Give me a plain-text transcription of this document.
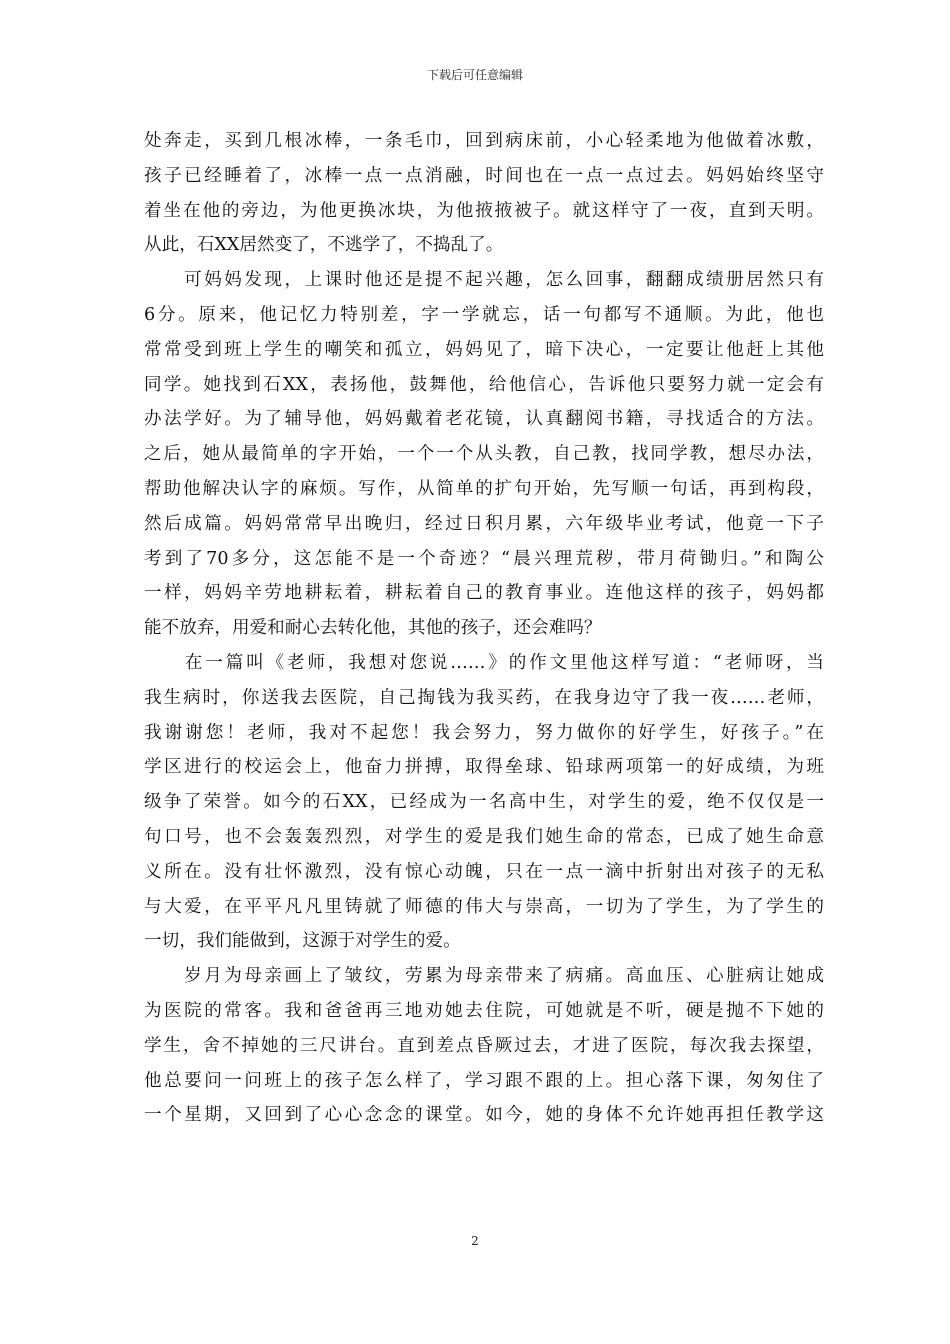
下载后可任意编辑
处奔走，买到几根冰棒，一条毛巾，回到病床前，小心轻柔地为他做着冰敷，
孩子已经睡着了，冰棒一点一点消融，时间也在一点一点过去。妈妈始终坚守
着坐在他的旁边，为他更换冰块，为他掖掖被子。就这样守了一夜，直到天明。
从此，石XX居然变了，不逃学了，不捣乱了。
　　可妈妈发现，上课时他还是提不起兴趣，怎么回事，翻翻成绩册居然只有
6分。原来，他记忆力特别差，字一学就忘，话一句都写不通顺。为此，他也
常常受到班上学生的嘲笑和孤立，妈妈见了，暗下决心，一定要让他赶上其他
同学。她找到石XX，表扬他，鼓舞他，给他信心，告诉他只要努力就一定会有
办法学好。为了辅导他，妈妈戴着老花镜，认真翻阅书籍，寻找适合的方法。
之后，她从最简单的字开始，一个一个从头教，自己教，找同学教，想尽办法，
帮助他解决认字的麻烦。写作，从简单的扩句开始，先写顺一句话，再到构段，
然后成篇。妈妈常常早出晚归，经过日积月累，六年级毕业考试，他竟一下子
考到了70多分，这怎能不是一个奇迹？“晨兴理荒秽，带月荷锄归。”和陶公
一样，妈妈辛劳地耕耘着，耕耘着自己的教育事业。连他这样的孩子，妈妈都
能不放弃，用爱和耐心去转化他，其他的孩子，还会难吗？
　　在一篇叫《老师，我想对您说……》的作文里他这样写道：“老师呀，当
我生病时，你送我去医院，自己掏钱为我买药，在我身边守了我一夜……老师，
我谢谢您！老师，我对不起您！我会努力，努力做你的好学生，好孩子。”在
学区进行的校运会上，他奋力拼搏，取得垒球、铅球两项第一的好成绩，为班
级争了荣誉。如今的石XX，已经成为一名高中生，对学生的爱，绝不仅仅是一
句口号，也不会轰轰烈烈，对学生的爱是我们她生命的常态，已成了她生命意
义所在。没有壮怀激烈，没有惊心动魄，只在一点一滴中折射出对孩子的无私
与大爱，在平平凡凡里铸就了师德的伟大与崇高，一切为了学生，为了学生的
一切，我们能做到，这源于对学生的爱。
　　岁月为母亲画上了皱纹，劳累为母亲带来了病痛。高血压、心脏病让她成
为医院的常客。我和爸爸再三地劝她去住院，可她就是不听，硬是抛不下她的
学生，舍不掉她的三尺讲台。直到差点昏厥过去，才进了医院，每次我去探望，
他总要问一问班上的孩子怎么样了，学习跟不跟的上。担心落下课，匆匆住了
一个星期，又回到了心心念念的课堂。如今，她的身体不允许她再担任教学这
2
